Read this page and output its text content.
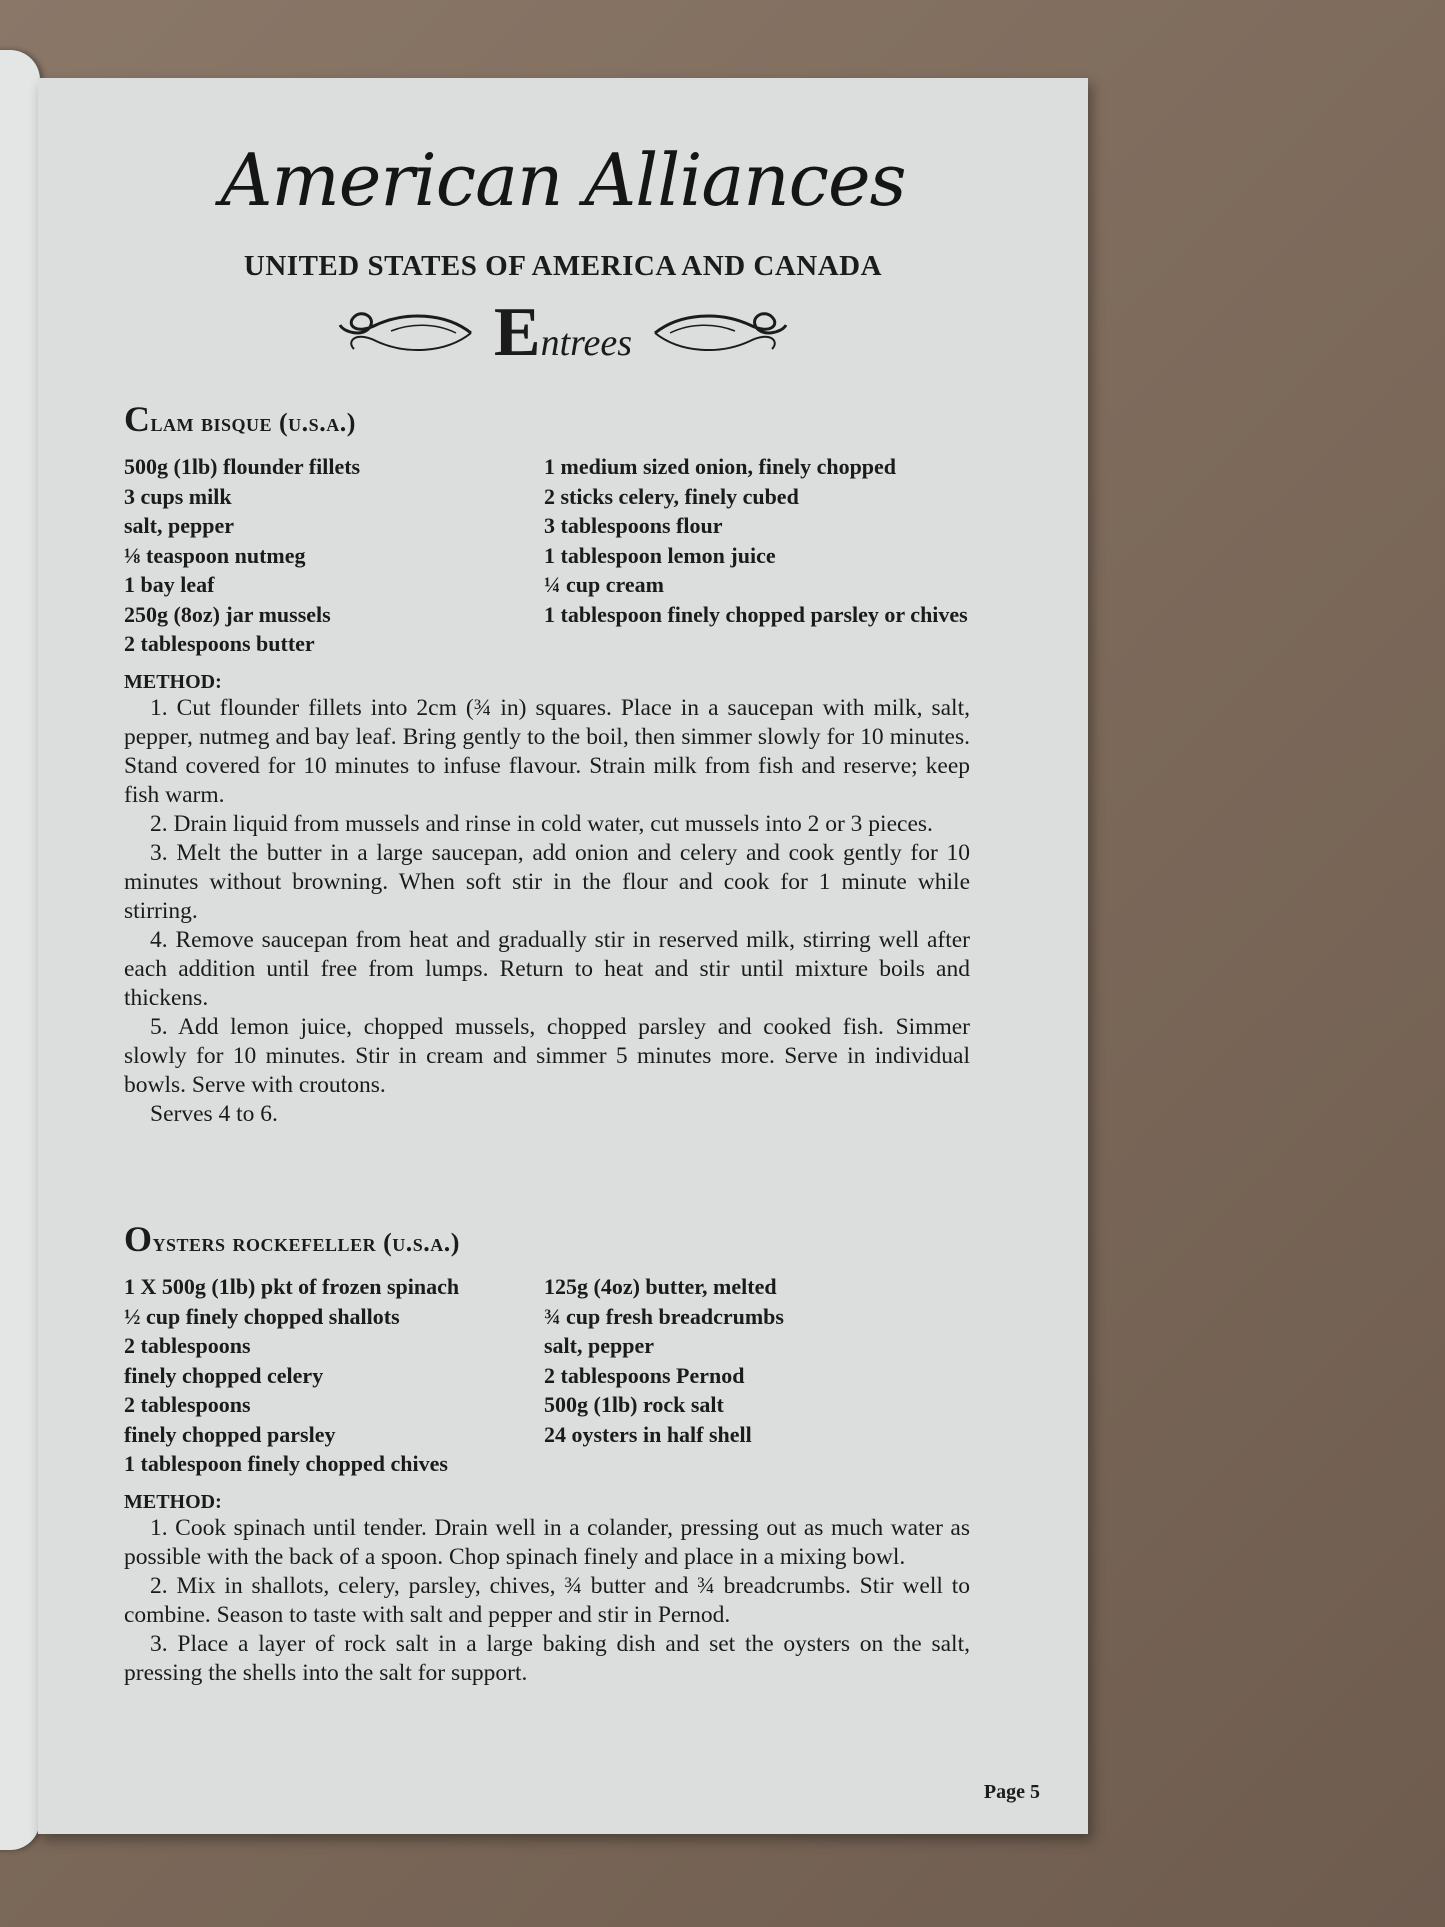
American Alliances
UNITED STATES OF AMERICA AND CANADA
Entrees
Clam bisque (u.s.a.)
500g (1lb) flounder fillets
3 cups milk
salt, pepper
⅛ teaspoon nutmeg
1 bay leaf
250g (8oz) jar mussels
2 tablespoons butter
1 medium sized onion, finely chopped
2 sticks celery, finely cubed
3 tablespoons flour
1 tablespoon lemon juice
¼ cup cream
1 tablespoon finely chopped parsley or chives
METHOD:

1. Cut flounder fillets into 2cm (¾ in) squares. Place in a saucepan with milk, salt, pepper, nutmeg and bay leaf. Bring gently to the boil, then simmer slowly for 10 minutes. Stand covered for 10 minutes to infuse flavour. Strain milk from fish and reserve; keep fish warm.

2. Drain liquid from mussels and rinse in cold water, cut mussels into 2 or 3 pieces.

3. Melt the butter in a large saucepan, add onion and celery and cook gently for 10 minutes without browning. When soft stir in the flour and cook for 1 minute while stirring.

4. Remove saucepan from heat and gradually stir in reserved milk, stirring well after each addition until free from lumps. Return to heat and stir until mixture boils and thickens.

5. Add lemon juice, chopped mussels, chopped parsley and cooked fish. Simmer slowly for 10 minutes. Stir in cream and simmer 5 minutes more. Serve in individual bowls. Serve with croutons.

Serves 4 to 6.

Oysters rockefeller (u.s.a.)
1 X 500g (1lb) pkt of frozen spinach
½ cup finely chopped shallots
2 tablespoons
finely chopped celery
2 tablespoons
finely chopped parsley
1 tablespoon finely chopped chives
125g (4oz) butter, melted
¾ cup fresh breadcrumbs
salt, pepper
2 tablespoons Pernod
500g (1lb) rock salt
24 oysters in half shell
METHOD:

1. Cook spinach until tender. Drain well in a colander, pressing out as much water as possible with the back of a spoon. Chop spinach finely and place in a mixing bowl.

2. Mix in shallots, celery, parsley, chives, ¾ butter and ¾ breadcrumbs. Stir well to combine. Season to taste with salt and pepper and stir in Pernod.

3. Place a layer of rock salt in a large baking dish and set the oysters on the salt, pressing the shells into the salt for support.

Page 5
